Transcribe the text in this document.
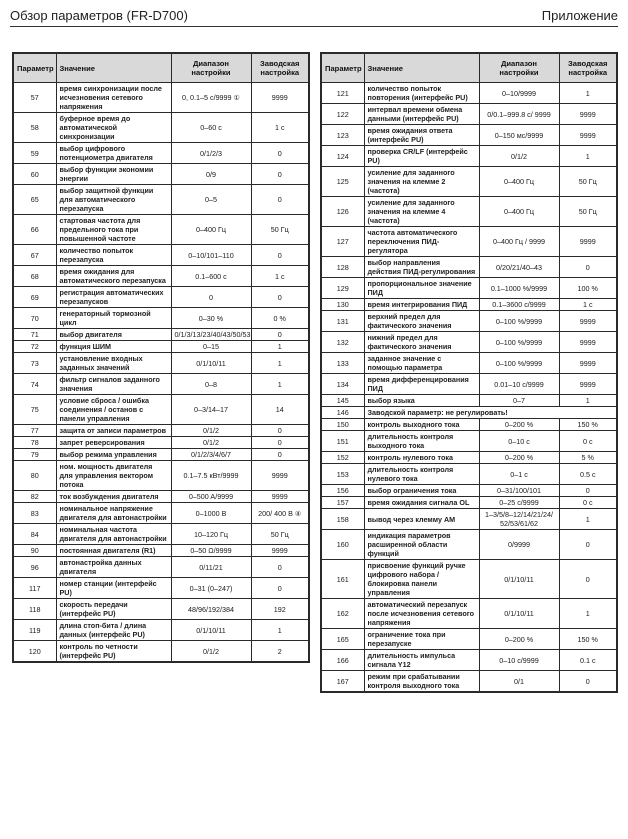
Обзор параметров (FR-D700)	Приложение
Параметр	Значение	Диапазон настройки	Заводская настройка
57	время синхронизации после исчезновения сетевого напряжения	0, 0.1–5 с/9999 ①	9999
58	буферное время до автоматической синхронизации	0–60 с	1 с
59	выбор цифрового потенциометра двигателя	0/1/2/3	0
60	выбор функции экономии энергии	0/9	0
65	выбор защитной функции для автоматического перезапуска	0–5	0
66	стартовая частота для предельного тока при повышенной частоте	0–400 Гц	50 Гц
67	количество попыток перезапуска	0–10/101–110	0
68	время ожидания для автоматического перезапуска	0.1–600 с	1 с
69	регистрация автоматических перезапусков	0	0
70	генераторный тормозной цикл	0–30 %	0 %
71	выбор двигателя	0/1/3/13/23/40/43/50/53	0
72	функция ШИМ	0–15	1
73	установление входных заданных значений	0/1/10/11	1
74	фильтр сигналов заданного значения	0–8	1
75	условие сброса / ошибка соединения / останов с панели управления	0–3/14–17	14
77	защита от записи параметров	0/1/2	0
78	запрет реверсирования	0/1/2	0
79	выбор режима управления	0/1/2/3/4/6/7	0
80	ном. мощность двигателя для управления вектором потока	0.1–7.5 кВт/9999	9999
82	ток возбуждения двигателя	0–500 A/9999	9999
83	номинальное напряжение двигателя для автонастройки	0–1000 В	200/ 400 В ④
84	номинальная частота двигателя для автонастройки	10–120 Гц	50 Гц
90	постоянная двигателя (R1)	0–50 Ω/9999	9999
96	автонастройка данных двигателя	0/11/21	0
117	номер станции (интерфейс PU)	0–31 (0–247)	0
118	скорость передачи (интерфейс PU)	48/96/192/384	192
119	длина стоп-бита / длина данных (интерфейс PU)	0/1/10/11	1
120	контроль по четности (интерфейс PU)	0/1/2	2
Параметр	Значение	Диапазон настройки	Заводская настройка
121	количество попыток повторения (интерфейс PU)	0–10/9999	1
122	интервал времени обмена данными (интерфейс PU)	0/0.1–999.8 с/ 9999	9999
123	время ожидания ответа (интерфейс PU)	0–150 мс/9999	9999
124	проверка CR/LF (интерфейс PU)	0/1/2	1
125	усиление для заданного значения на клемме 2 (частота)	0–400 Гц	50 Гц
126	усиление для заданного значения на клемме 4 (частота)	0–400 Гц	50 Гц
127	частота автоматического переключения ПИД-регулятора	0–400 Гц / 9999	9999
128	выбор направления действия ПИД-регулирования	0/20/21/40–43	0
129	пропорциональное значение ПИД	0.1–1000 %/9999	100 %
130	время интегрирования ПИД	0.1–3600 с/9999	1 с
131	верхний предел для фактического значения	0–100 %/9999	9999
132	нижний предел для фактического значения	0–100 %/9999	9999
133	заданное значение с помощью параметра	0–100 %/9999	9999
134	время дифференцирования ПИД	0.01–10 с/9999	9999
145	выбор языка	0–7	1
146	Заводской параметр: не регулировать!		
150	контроль выходного тока	0–200 %	150 %
151	длительность контроля выходного тока	0–10 с	0 с
152	контроль нулевого тока	0–200 %	5 %
153	длительность контроля нулевого тока	0–1 с	0.5 с
156	выбор ограничения тока	0–31/100/101	0
157	время ожидания сигнала OL	0–25 с/9999	0 с
158	вывод через клемму AM	1–3/5/8–12/14/21/24/ 52/53/61/62	1
160	индикация параметров расширенной области функций	0/9999	0
161	присвоение функций ручке цифрового набора / блокировка панели управления	0/1/10/11	0
162	автоматический перезапуск после исчезновения сетевого напряжения	0/1/10/11	1
165	ограничение тока при перезапуске	0–200 %	150 %
166	длительность импульса сигнала Y12	0–10 с/9999	0.1 с
167	режим при срабатывании контроля выходного тока	0/1	0
